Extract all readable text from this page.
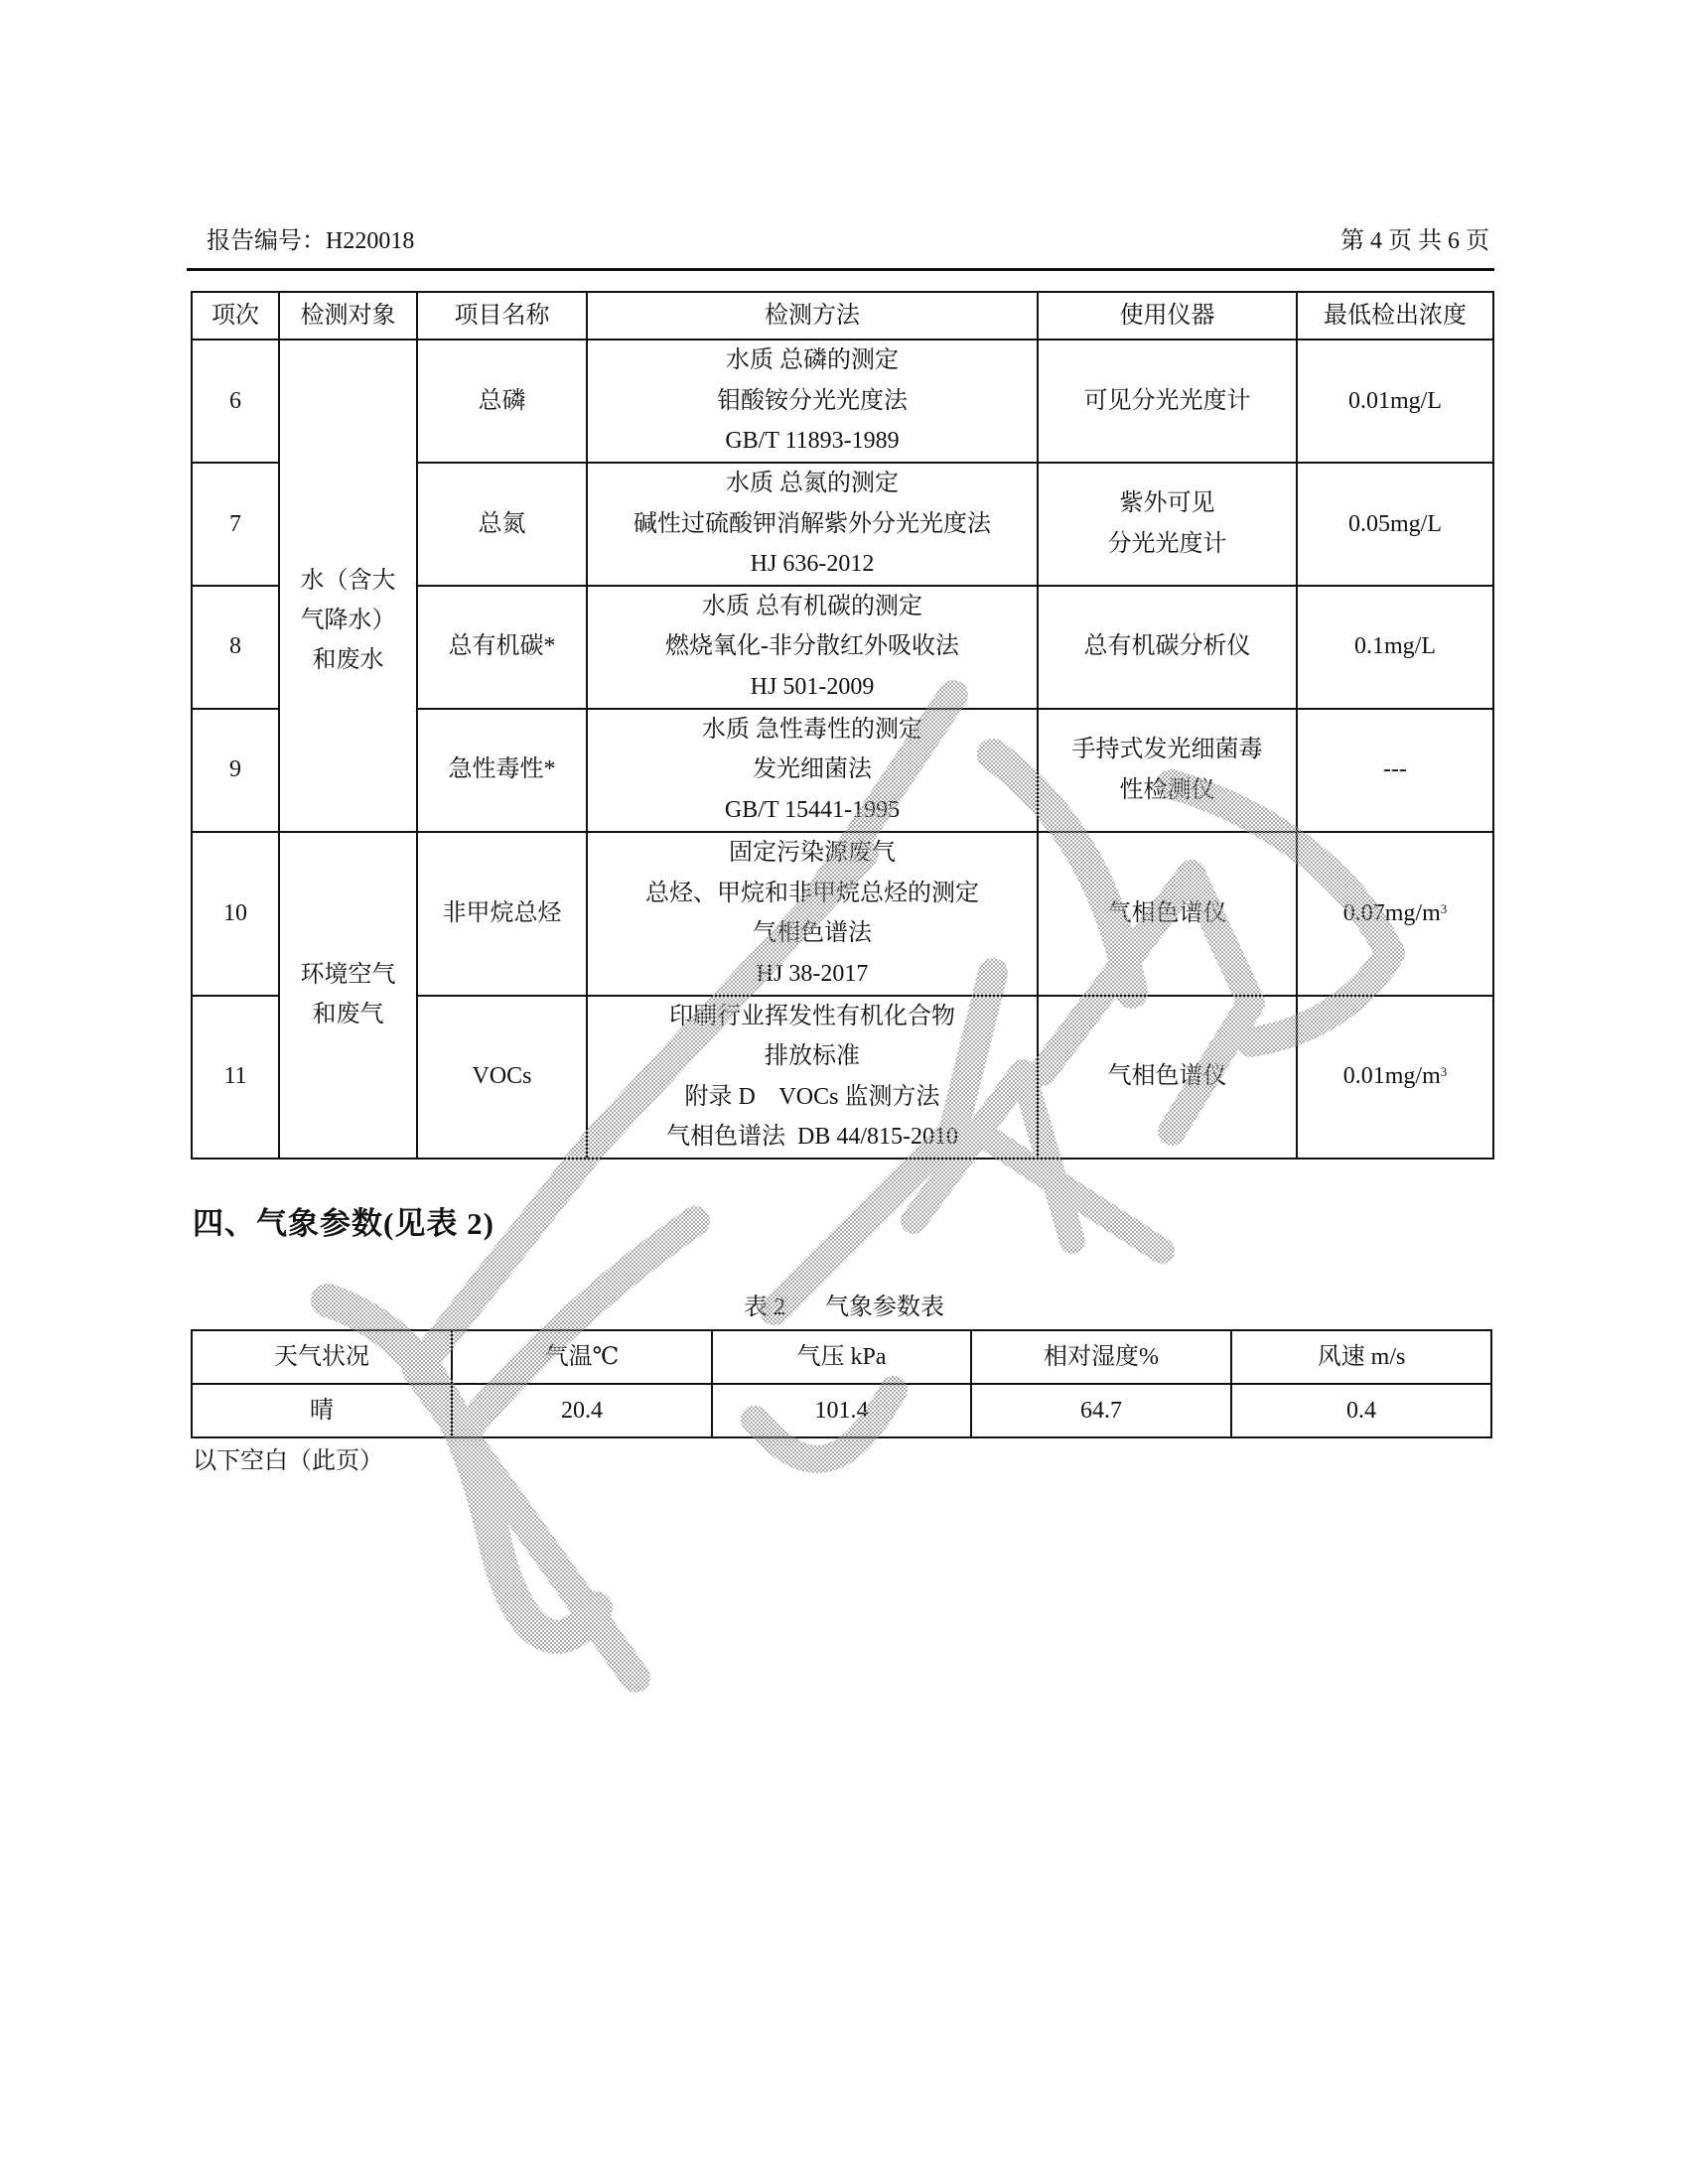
报告编号：H220018	第 4 页 共 6 页
项次	检测对象	项目名称	检测方法	使用仪器	最低检出浓度
6	水（含大
气降水）
和废水	总磷	水质 总磷的测定
钼酸铵分光光度法
GB/T 11893-1989	可见分光光度计	0.01mg/L
7		总氮	水质 总氮的测定
碱性过硫酸钾消解紫外分光光度法
HJ 636-2012	紫外可见
分光光度计	0.05mg/L
8		总有机碳*	水质 总有机碳的测定
燃烧氧化-非分散红外吸收法
HJ 501-2009	总有机碳分析仪	0.1mg/L
9		急性毒性*	水质 急性毒性的测定
发光细菌法
GB/T 15441-1995	手持式发光细菌毒
性检测仪	---
10	环境空气
和废气	非甲烷总烃	固定污染源废气
总烃、甲烷和非甲烷总烃的测定
气相色谱法
HJ 38-2017	气相色谱仪	$0.07mg/m^3$
11		VOCs	印刷行业挥发性有机化合物
排放标准
附录 D    VOCs 监测方法
气相色谱法  DB 44/815-2010	气相色谱仪	$0.01mg/m^3$
四、气象参数(见表 2)
表 2 气象参数表
天气状况	气温℃	气压 kPa	相对湿度%	风速 m/s
晴	20.4	101.4	64.7	0.4
以下空白（此页）
